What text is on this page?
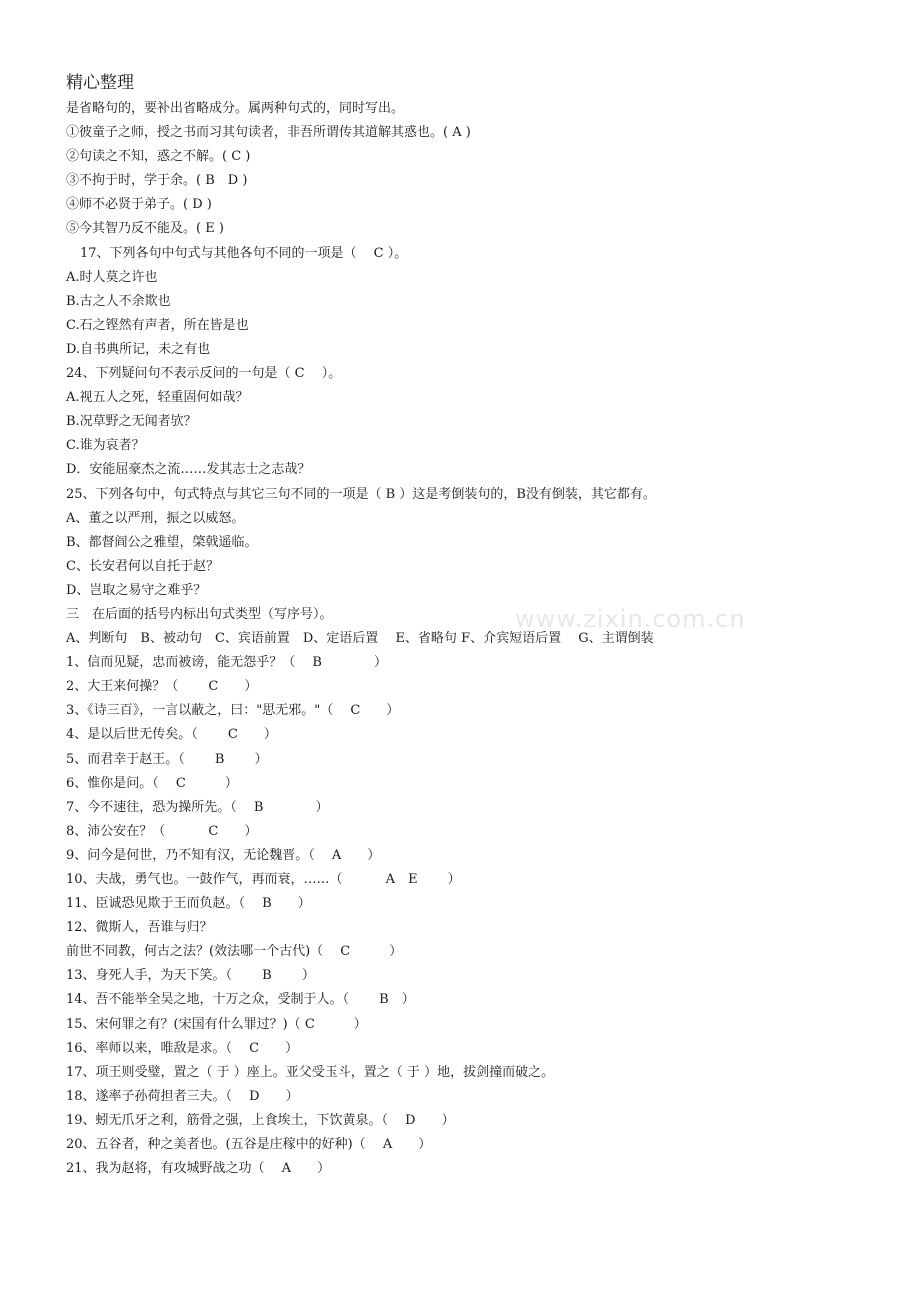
精心整理
是省略句的，要补出省略成分。属两种句式的，同时写出。
①彼童子之师，授之书而习其句读者，非吾所谓传其道解其惑也。( A )
②句读之不知，惑之不解。( C )
③不拘于时，学于余。( B　D )
④师不必贤于弟子。( D )
⑤今其智乃反不能及。( E )
17、下列各句中句式与其他各句不同的一项是（　 C ）。
A.时人莫之许也
B.古之人不余欺也
C.石之铿然有声者，所在皆是也
D.自书典所记，未之有也
24、下列疑问句不表示反问的一句是（ C　 ）。
A.视五人之死，轻重固何如哉？
B.况草野之无闻者欤？
C.谁为哀者？
D．安能屈豪杰之流……发其志士之志哉？
25、下列各句中，句式特点与其它三句不同的一项是（ B ）这是考倒装句的，B没有倒装，其它都有。
A、董之以严刑，振之以威怒。
B、都督阎公之雅望，棨戟遥临。
C、长安君何以自托于赵？
D、岂取之易守之难乎？
三　在后面的括号内标出句式类型（写序号）。
A、判断句　B、被动句　C、宾语前置　D、定语后置　 E、省略句 F、介宾短语后置　 G、主谓倒装
1、信而见疑，忠而被谤，能无怨乎？（　 B　　　　）
2、大王来何操？（　　 C　　）
3、《诗三百》，一言以蔽之，曰："思无邪。"（　 C　　）
4、是以后世无传矣。（　　 C　　）
5、而君幸于赵王。（　　 B　　 ）
6、惟你是问。（　 C　　　）
7、今不速往，恐为操所先。（　 B　　　　）
8、沛公安在？（　　　 C　　）
9、问今是何世，乃不知有汉，无论魏晋。（　 A　　）
10、夫战，勇气也。一鼓作气，再而衰，……（　　　 A　E　　 ）
11、臣诚恐见欺于王而负赵。（　 B　　）
12、微斯人，吾谁与归？
前世不同教，何古之法？(效法哪一个古代)（　 C　　　）
13、身死人手，为天下笑。（　　 B　　 ）
14、吾不能举全吴之地，十万之众，受制于人。（　　 B　）
15、宋何罪之有？(宋国有什么罪过？)（ C　　　）
16、率师以来，唯敌是求。（　 C　　）
17、项王则受璧，置之（ 于 ）座上。亚父受玉斗，置之（ 于 ）地，拔剑撞而破之。
18、遂率子孙荷担者三夫。（　 D　　）
19、蚓无爪牙之利，筋骨之强，上食埃土，下饮黄泉。（　 D　　）
20、五谷者，种之美者也。(五谷是庄稼中的好种)（　 A　　）
21、我为赵将，有攻城野战之功（　 A　　）
www.zixin.com.cn
